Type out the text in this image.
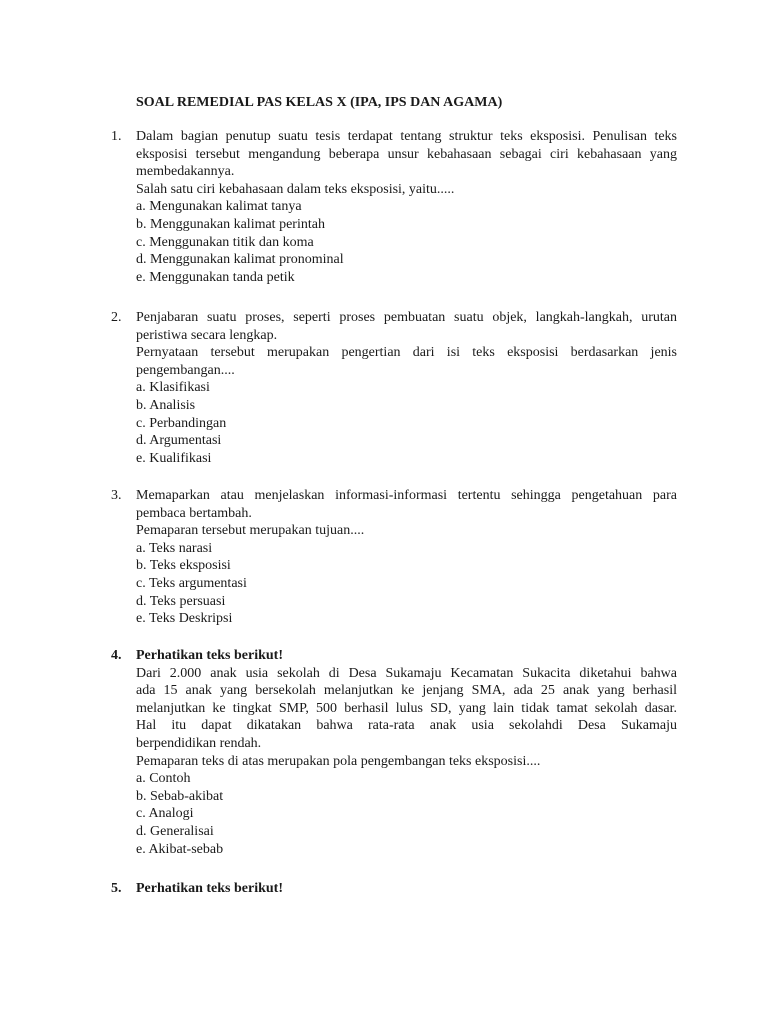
SOAL REMEDIAL PAS KELAS X (IPA, IPS DAN AGAMA)
1.	Dalam bagian penutup suatu tesis terdapat tentang struktur teks eksposisi. Penulisan teks
eksposisi tersebut mengandung beberapa unsur kebahasaan sebagai ciri kebahasaan yang
membedakannya.
Salah satu ciri kebahasaan dalam teks eksposisi, yaitu.....
a. Mengunakan kalimat tanya
b. Menggunakan kalimat perintah
c. Menggunakan titik dan koma
d. Menggunakan kalimat pronominal
e. Menggunakan tanda petik
2.	Penjabaran suatu proses, seperti proses pembuatan suatu objek, langkah-langkah, urutan
peristiwa secara lengkap.
Pernyataan tersebut merupakan pengertian dari isi teks eksposisi berdasarkan jenis
pengembangan....
a. Klasifikasi
b. Analisis
c. Perbandingan
d. Argumentasi
e. Kualifikasi
3.	Memaparkan atau menjelaskan informasi-informasi tertentu sehingga pengetahuan para
pembaca bertambah.
Pemaparan tersebut merupakan tujuan....
a. Teks narasi
b. Teks eksposisi
c. Teks argumentasi
d. Teks persuasi
e. Teks Deskripsi
4.	Perhatikan teks berikut!
Dari 2.000 anak usia sekolah di Desa Sukamaju Kecamatan Sukacita diketahui bahwa
ada 15 anak yang bersekolah melanjutkan ke jenjang SMA, ada 25 anak yang berhasil
melanjutkan ke tingkat SMP, 500 berhasil lulus SD, yang lain tidak tamat sekolah dasar.
Hal itu dapat dikatakan bahwa rata-rata anak usia sekolahdi Desa Sukamaju
berpendidikan rendah.
Pemaparan teks di atas merupakan pola pengembangan teks eksposisi....
a. Contoh
b. Sebab-akibat
c. Analogi
d. Generalisai
e. Akibat-sebab
5.	Perhatikan teks berikut!
